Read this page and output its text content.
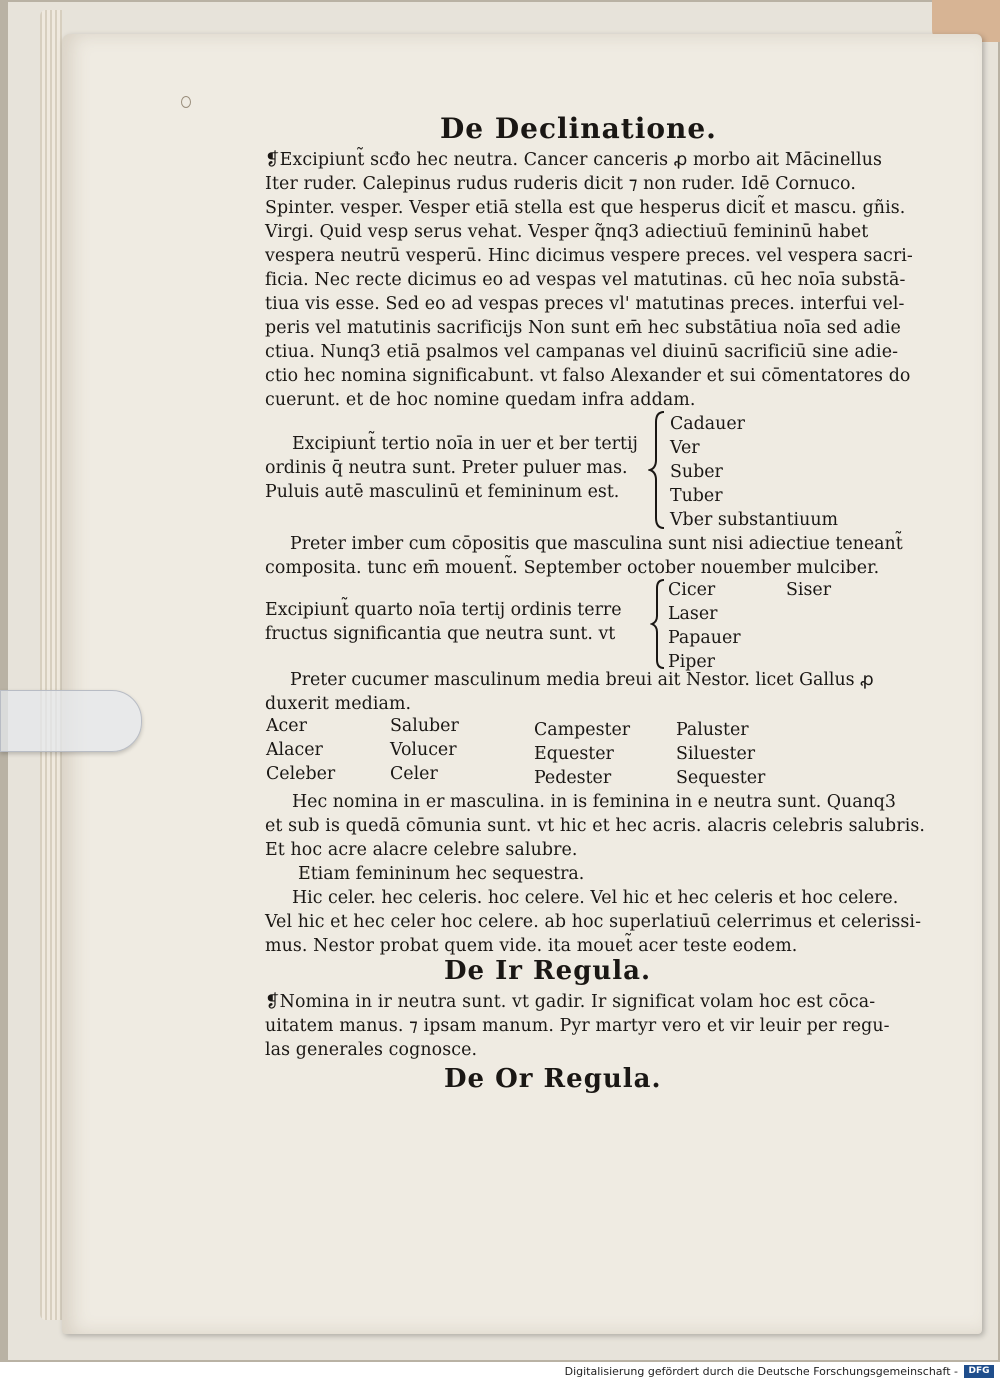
De Declinatione.
❡Excipiunt̃ scđo hec neutra. Cancer canceris ꝓ morbo ait Mācinellus
Iter ruder. Calepinus rudus ruderis dicit ⁊ non ruder. Idē Cornuco.
Spinter. vesper. Vesper etiā stella est que hesperus dicit̃ et mascu. gñis.
Virgi. Quid vesp serus vehat. Vesper q̃nq3 adiectiuū femininū habet
vespera neutrū vesperū. Hinc dicimus vespere preces. vel vespera sacri-
ficia. Nec recte dicimus eo ad vespas vel matutinas. cū hec noīa substā-
tiua vis esse. Sed eo ad vespas preces vl' matutinas preces. interfui vel-
peris vel matutinis sacrificijs Non sunt em̄ hec substātiua noīa sed adie
ctiua. Nunq3 etiā psalmos vel campanas vel diuinū sacrificiū sine adie-
ctio hec nomina significabunt. vt falso Alexander et sui cōmentatores do
cuerunt. et de hoc nomine quedam infra addam.
Excipiunt̃ tertio noīa in uer et ber tertij
ordinis q̄ neutra sunt. Preter puluer mas.
Puluis autē masculinū et femininum est.
Cadauer
Ver
Suber
Tuber
Vber substantiuum
Preter imber cum cōpositis que masculina sunt nisi adiectiue teneant̃
composita. tunc em̄ mouent̃. September october nouember mulciber.
Excipiunt̃ quarto noīa tertij ordinis terre
fructus significantia que neutra sunt. vt
Cicer
Laser
Papauer
Piper
Siser
Preter cucumer masculinum media breui ait Nestor. licet Gallus ꝓ
duxerit mediam.
Acer
Alacer
Celeber
Saluber
Volucer
Celer
Campester
Equester
Pedester
Paluster
Siluester
Sequester
Hec nomina in er masculina. in is feminina in e neutra sunt. Quanq3
et sub is quedā cōmunia sunt. vt hic et hec acris. alacris celebris salubris.
Et hoc acre alacre celebre salubre.
Etiam femininum hec sequestra.
Hic celer. hec celeris. hoc celere. Vel hic et hec celeris et hoc celere.
Vel hic et hec celer hoc celere. ab hoc superlatiuū celerrimus et celerissi-
mus. Nestor probat quem vide. ita mouet̃ acer teste eodem.
De Ir Regula.
❡Nomina in ir neutra sunt. vt gadir. Ir significat volam hoc est cōca-
uitatem manus. ⁊ ipsam manum. Pyr martyr vero et vir leuir per regu-
las generales cognosce.
De Or Regula.
Digitalisierung gefördert durch die Deutsche Forschungsgemeinschaft -	DFG
